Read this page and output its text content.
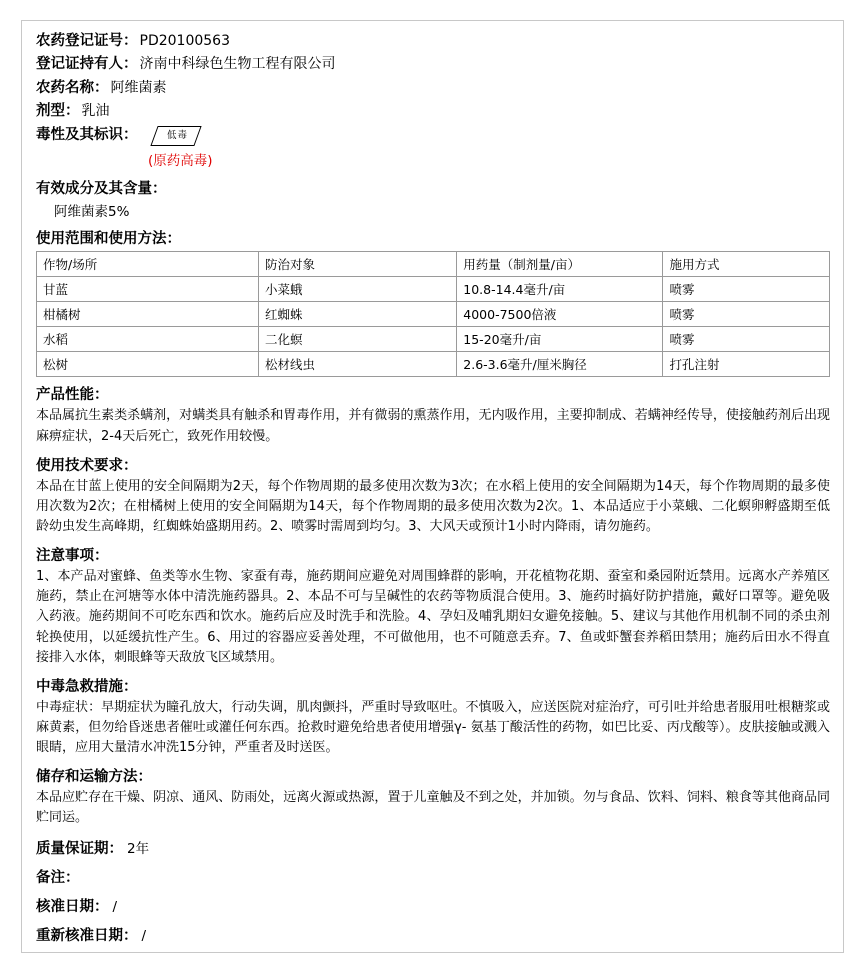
农药登记证号： PD20100563
登记证持有人： 济南中科绿色生物工程有限公司
农药名称： 阿维菌素
剂型： 乳油
毒性及其标识：	低毒
(原药高毒)
有效成分及其含量：
阿维菌素5%
使用范围和使用方法：
作物/场所	防治对象	用药量（制剂量/亩）	施用方式
甘蓝	小菜蛾	10.8-14.4毫升/亩	喷雾
柑橘树	红蜘蛛	4000-7500倍液	喷雾
水稻	二化螟	15-20毫升/亩	喷雾
松树	松材线虫	2.6-3.6毫升/厘米胸径	打孔注射
产品性能：

本品属抗生素类杀螨剂，对螨类具有触杀和胃毒作用，并有微弱的熏蒸作用，无内吸作用，主要抑制成、若螨神经传导，使接触药剂后出现麻痹症状，2-4天后死亡，致死作用较慢。

使用技术要求：

本品在甘蓝上使用的安全间隔期为2天，每个作物周期的最多使用次数为3次；在水稻上使用的安全间隔期为14天，每个作物周期的最多使用次数为2次；在柑橘树上使用的安全间隔期为14天，每个作物周期的最多使用次数为2次。1、本品适应于小菜蛾、二化螟卵孵盛期至低龄幼虫发生高峰期，红蜘蛛始盛期用药。2、喷雾时需周到均匀。3、大风天或预计1小时内降雨，请勿施药。

注意事项：

1、本产品对蜜蜂、鱼类等水生物、家蚕有毒，施药期间应避免对周围蜂群的影响，开花植物花期、蚕室和桑园附近禁用。远离水产养殖区施药，禁止在河塘等水体中清洗施药器具。2、本品不可与呈碱性的农药等物质混合使用。3、施药时搞好防护措施，戴好口罩等。避免吸入药液。施药期间不可吃东西和饮水。施药后应及时洗手和洗脸。4、孕妇及哺乳期妇女避免接触。5、建议与其他作用机制不同的杀虫剂轮换使用，以延缓抗性产生。6、用过的容器应妥善处理，不可做他用，也不可随意丢弃。7、鱼或虾蟹套养稻田禁用；施药后田水不得直接排入水体，刺眼蜂等天敌放飞区域禁用。

中毒急救措施：

中毒症状：早期症状为瞳孔放大，行动失调，肌肉颤抖，严重时导致呕吐。不慎吸入，应送医院对症治疗，可引吐并给患者服用吐根糖浆或麻黄素，但勿给昏迷患者催吐或灌任何东西。抢救时避免给患者使用增强γ- 氨基丁酸活性的药物，如巴比妥、丙戊酸等）。皮肤接触或溅入眼睛，应用大量清水冲洗15分钟，严重者及时送医。

储存和运输方法：

本品应贮存在干燥、阴凉、通风、防雨处，远离火源或热源，置于儿童触及不到之处，并加锁。勿与食品、饮料、饲料、粮食等其他商品同贮同运。

质量保证期： 2年
备注：
核准日期： /
重新核准日期： /
